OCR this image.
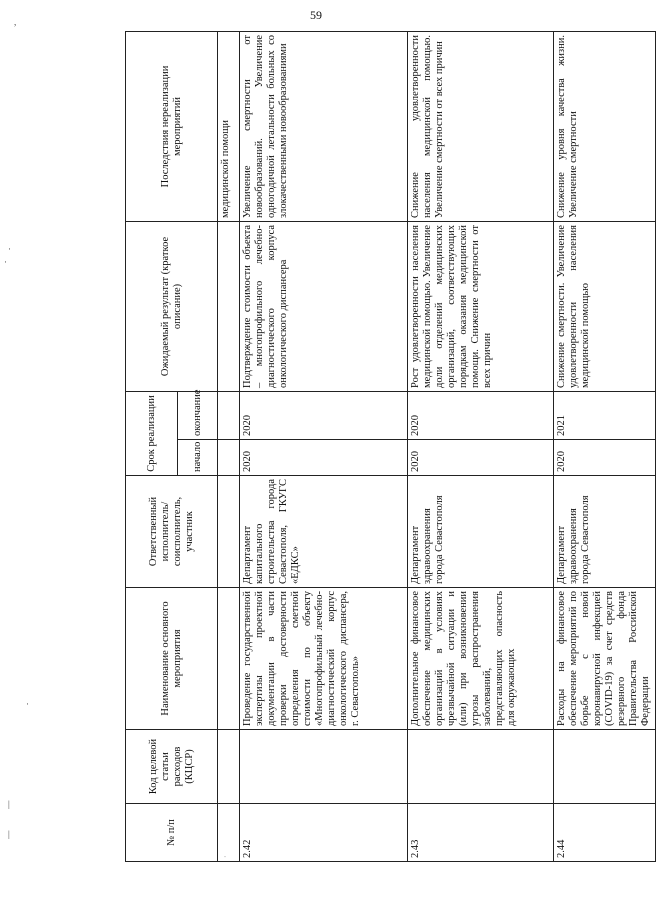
59
,
·
·
·
|
|	№ п/п	Код целевой статьи расходов (КЦСР)	Наименование основного мероприятия	Ответственный исполнитель/соисполнитель, участник	Срок реализации		Ожидаемый результат (краткое описание)	Последствия нереализации мероприятий
				начало	окончание		
·							медицинской помощи
2.42		Проведение государственной экспертизы проектной документации в части проверки достоверности определения сметной стоимости по объекту «Многопрофильный лечебно-диагностический корпус онкологического диспансера, г. Севастополь»	Департамент капитального строительства города Севастополя, ГКУГС «ЕДКС»	2020	2020	Подтверждение стоимости объекта – многопрофильного лечебно-диагностического корпуса онкологического диспансера	Увеличение смертности от новообразований. Увеличение одногодичной летальности больных со злокачественными новообразованиями
2.43		Дополнительное финансовое обеспечение медицинских организаций в условиях чрезвычайной ситуации и (или) при возникновении угрозы распространения заболеваний, представляющих опасность для окружающих	Департамент здравоохранения города Севастополя	2020	2020	Рост удовлетворенности населения медицинской помощью. Увеличение доли отделений медицинских организаций, соответствующих порядкам оказания медицинской помощи. Снижение смертности от всех причин	Снижение удовлетворенности населения медицинской помощью. Увеличение смертности от всех причин
2.44		Расходы на финансовое обеспечение мероприятий по борьбе с новой коронавирусной инфекцией (COVID-19) за счет средств резервного фонда Правительства Российской Федерации	Департамент здравоохранения города Севастополя	2020	2021	Снижение смертности. Увеличение удовлетворенности населения медицинской помощью	Снижение уровня качества жизни. Увеличение смертности
